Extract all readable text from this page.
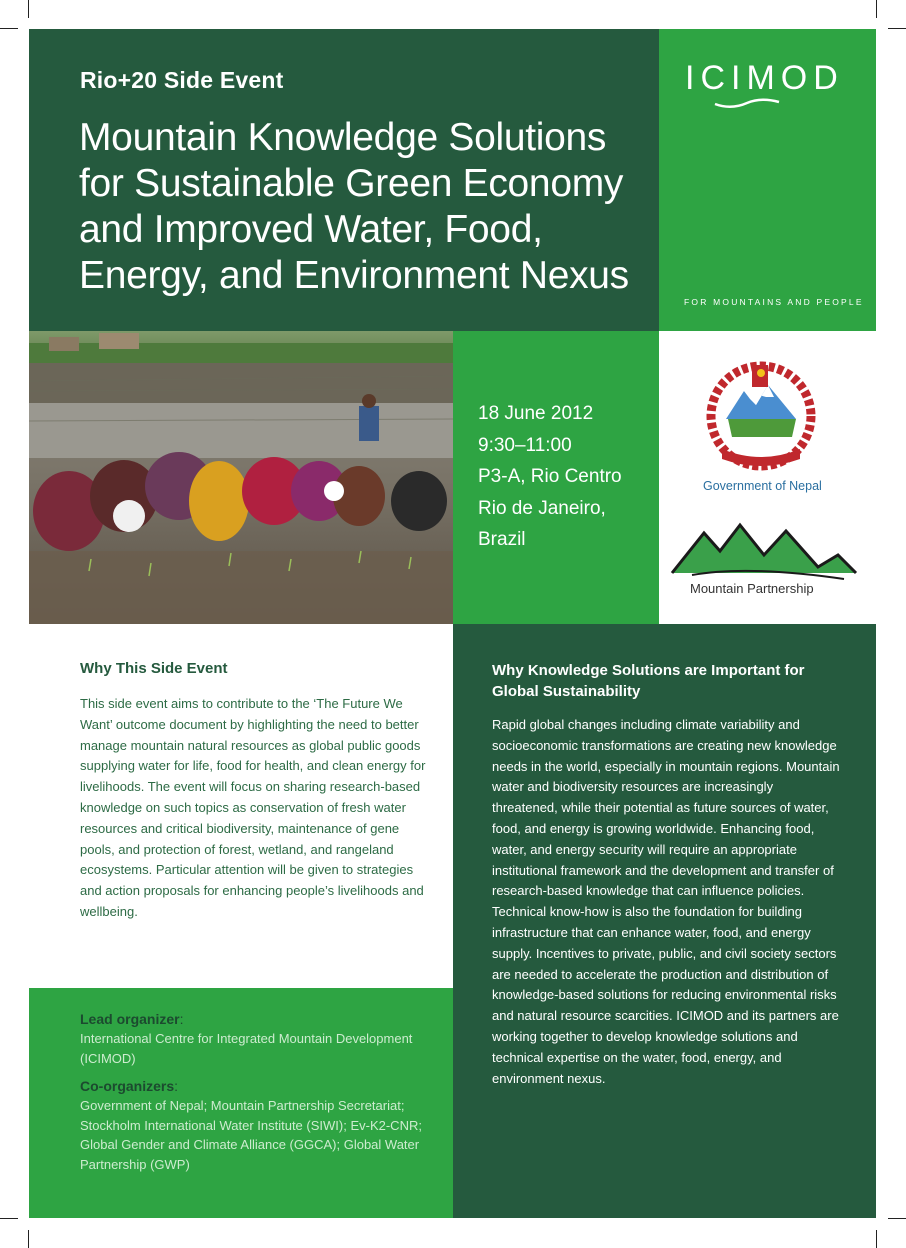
Rio+20 Side Event
Mountain Knowledge Solutions for Sustainable Green Economy and Improved Water, Food, Energy, and Environment Nexus
ICIMOD
FOR MOUNTAINS AND PEOPLE
18 June 2012
9:30–11:00
P3-A, Rio Centro
Rio de Janeiro,
Brazil
Government of Nepal
Mountain Partnership
Why This Side Event
This side event aims to contribute to the ‘The Future We Want’ outcome document by highlighting the need to better manage mountain natural resources as global public goods supplying water for life, food for health, and clean energy for livelihoods. The event will focus on sharing research-based knowledge on such topics as conservation of fresh water resources and critical biodiversity, maintenance of gene pools, and protection of forest, wetland, and rangeland ecosystems. Particular attention will be given to strategies and action proposals for enhancing people’s livelihoods and wellbeing.
Lead organizer:
International Centre for Integrated Mountain Development (ICIMOD)
Co-organizers:
Government of Nepal; Mountain Partnership Secretariat; Stockholm International Water Institute (SIWI); Ev-K2-CNR; Global Gender and Climate Alliance (GGCA); Global Water Partnership (GWP)
Why Knowledge Solutions are Important for Global Sustainability
Rapid global changes including climate variability and socioeconomic transformations are creating new knowledge needs in the world, especially in mountain regions. Mountain water and biodiversity resources are increasingly threatened, while their potential as future sources of water, food, and energy is growing worldwide. Enhancing food, water, and energy security will require an appropriate institutional framework and the development and transfer of research-based knowledge that can influence policies. Technical know-how is also the foundation for building infrastructure that can enhance water, food, and energy supply. Incentives to private, public, and civil society sectors are needed to accelerate the production and distribution of knowledge-based solutions for reducing environmental risks and natural resource scarcities. ICIMOD and its partners are working together to develop knowledge solutions and technical expertise on the water, food, energy, and environment nexus.
